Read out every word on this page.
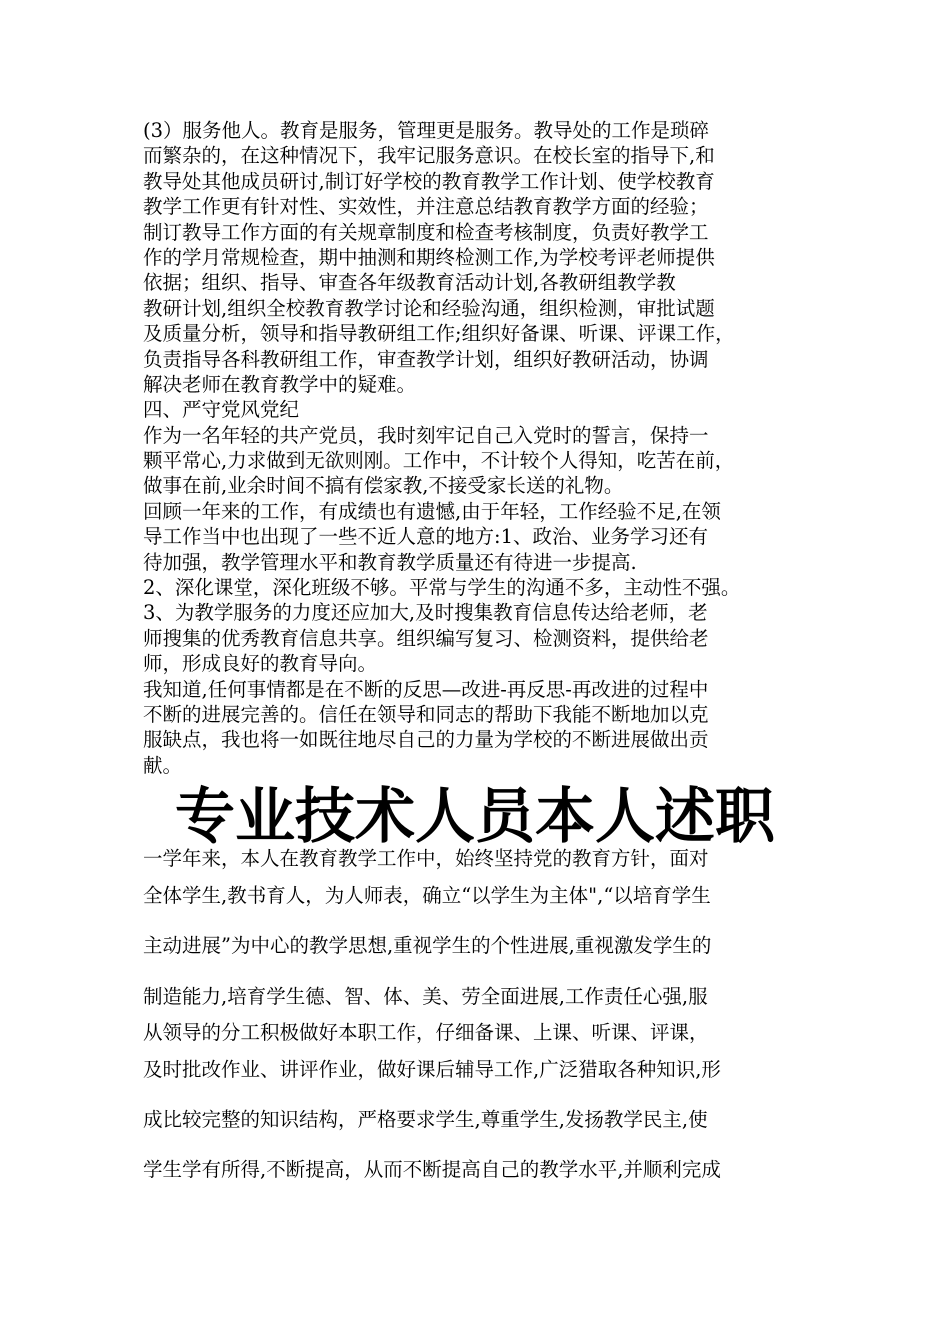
(3）服务他人。教育是服务，管理更是服务。教导处的工作是琐碎
而繁杂的，在这种情况下，我牢记服务意识。在校长室的指导下,和
教导处其他成员研讨,制订好学校的教育教学工作计划、使学校教育
教学工作更有针对性、实效性，并注意总结教育教学方面的经验；
制订教导工作方面的有关规章制度和检查考核制度，负责好教学工
作的学月常规检查，期中抽测和期终检测工作,为学校考评老师提供
依据；组织、指导、审查各年级教育活动计划,各教研组教学教
教研计划,组织全校教育教学讨论和经验沟通，组织检测，审批试题
及质量分析，领导和指导教研组工作;组织好备课、听课、评课工作，
负责指导各科教研组工作，审查教学计划，组织好教研活动，协调
解决老师在教育教学中的疑难。
四、严守党风党纪
作为一名年轻的共产党员，我时刻牢记自己入党时的誓言，保持一
颗平常心,力求做到无欲则刚。工作中，不计较个人得知，吃苦在前，
做事在前,业余时间不搞有偿家教,不接受家长送的礼物。
回顾一年来的工作，有成绩也有遗憾,由于年轻，工作经验不足,在领
导工作当中也出现了一些不近人意的地方:1、政治、业务学习还有
待加强，教学管理水平和教育教学质量还有待进一步提高.
2、深化课堂，深化班级不够。平常与学生的沟通不多，主动性不强。
3、为教学服务的力度还应加大,及时搜集教育信息传达给老师，老
师搜集的优秀教育信息共享。组织编写复习、检测资料，提供给老
师，形成良好的教育导向。
我知道,任何事情都是在不断的反思—改进-再反思-再改进的过程中
不断的进展完善的。信任在领导和同志的帮助下我能不断地加以克
服缺点，我也将一如既往地尽自己的力量为学校的不断进展做出贡
献。
专业技术人员本人述职
一学年来，本人在教育教学工作中，始终坚持党的教育方针，面对
全体学生,教书育人，为人师表，确立“以学生为主体",“以培育学生
主动进展”为中心的教学思想,重视学生的个性进展,重视激发学生的
制造能力,培育学生德、智、体、美、劳全面进展,工作责任心强,服
从领导的分工积极做好本职工作，仔细备课、上课、听课、评课，
及时批改作业、讲评作业，做好课后辅导工作,广泛猎取各种知识,形
成比较完整的知识结构，严格要求学生,尊重学生,发扬教学民主,使
学生学有所得,不断提高，从而不断提高自己的教学水平,并顺利完成
